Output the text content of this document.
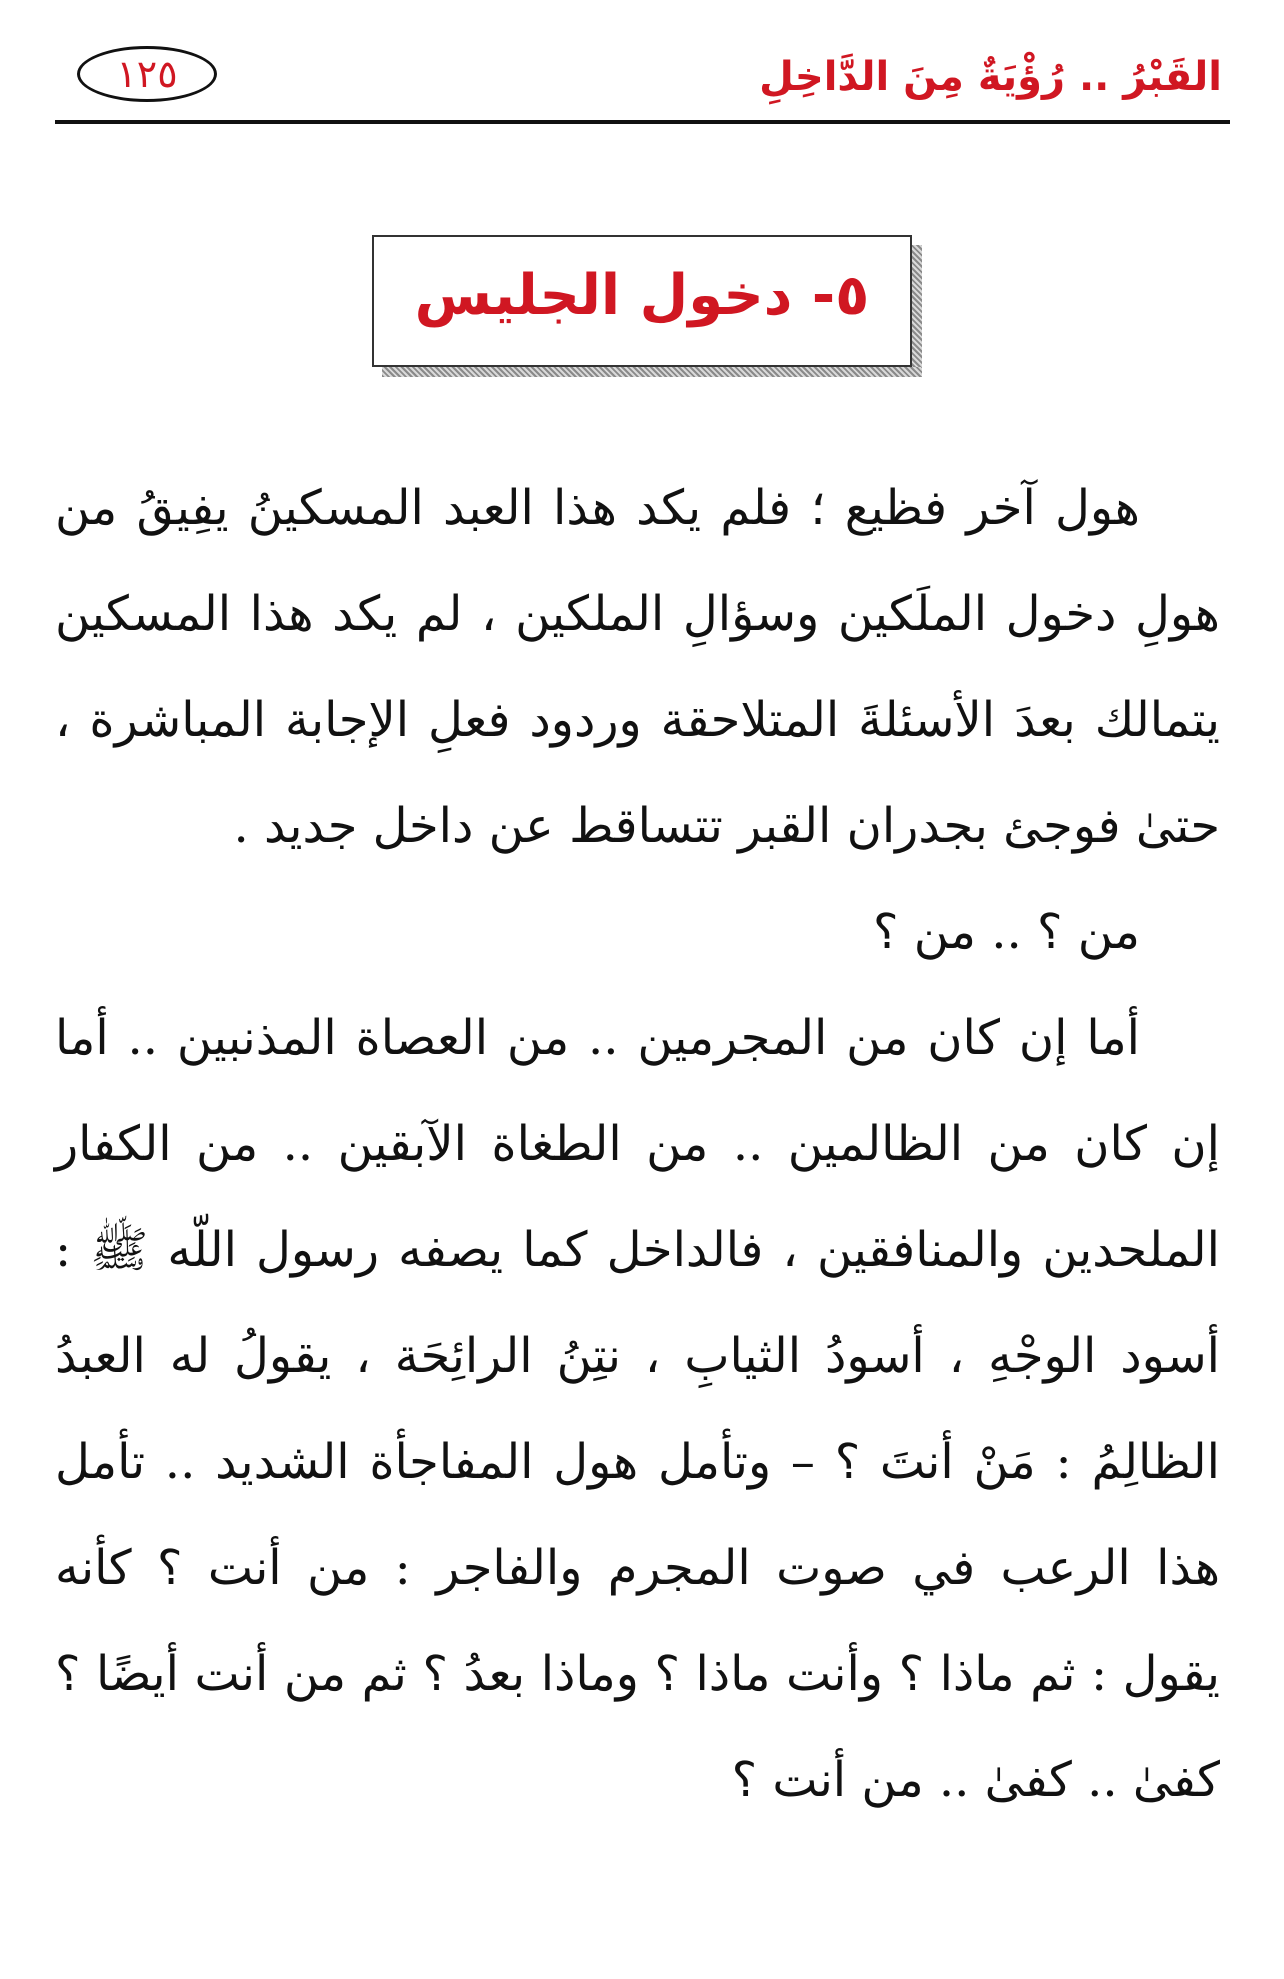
القَبْرُ .. رُؤْيَةٌ مِنَ الدَّاخِلِ
١٢٥
٥- دخول الجليس

هول آخر فظيع ؛ فلم يكد هذا العبد المسكينُ يفِيقُ من هولِ دخول الملَكين وسؤالِ الملكين ، لم يكد هذا المسكين يتمالك بعدَ الأسئلةَ المتلاحقة وردود فعلِ الإجابة المباشرة ، حتىٰ فوجئ بجدران القبر تتساقط عن داخل جديد .

من ؟ .. من ؟

أما إن كان من المجرمين .. من العصاة المذنبين .. أما إن كان من الظالمين .. من الطغاة الآبقين .. من الكفار الملحدين والمنافقين ، فالداخل كما يصفه رسول اللّه ﷺ : أسود الوجْهِ ، أسودُ الثيابِ ، نتِنُ الرائِحَة ، يقولُ له العبدُ الظالِمُ : مَنْ أنتَ ؟ – وتأمل هول المفاجأة الشديد .. تأمل هذا الرعب في صوت المجرم والفاجر : من أنت ؟ كأنه يقول : ثم ماذا ؟ وأنت ماذا ؟ وماذا بعدُ ؟ ثم من أنت أيضًا ؟ كفىٰ .. كفىٰ .. من أنت ؟
